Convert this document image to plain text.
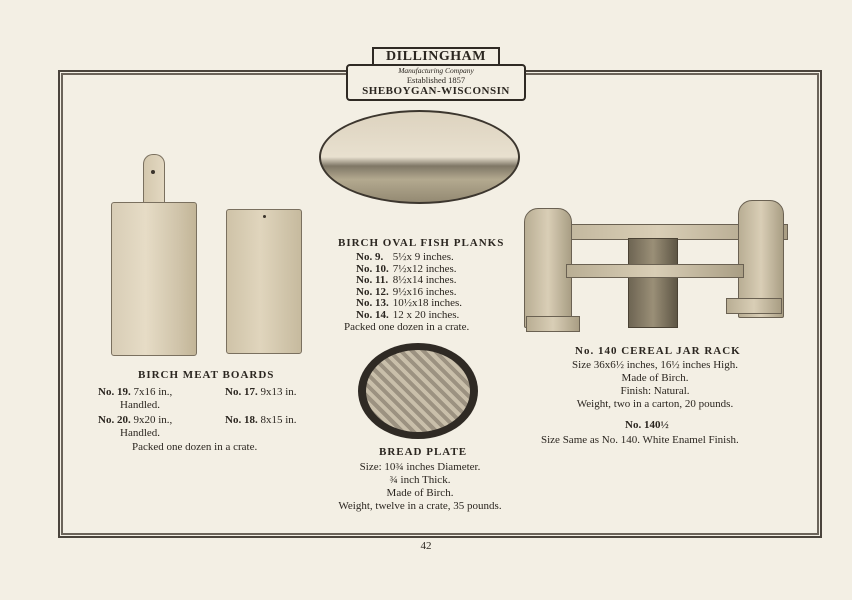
DILLINGHAM
Manufacturing Company
Established 1857
SHEBOYGAN-WISCONSIN
BIRCH MEAT BOARDS
No. 19. 7x16 in.,
Handled.
No. 17. 9x13 in.
No. 20. 9x20 in.,
Handled.
No. 18. 8x15 in.
Packed one dozen in a crate.
BIRCH OVAL FISH PLANKS
No. 9.	5½x 9 inches.
No. 10.	7½x12 inches.
No. 11.	8½x14 inches.
No. 12.	9½x16 inches.
No. 13.	10½x18 inches.
No. 14.	12 x 20 inches.
Packed one dozen in a crate.
BREAD PLATE
Size: 10¾ inches Diameter.
¾ inch Thick.
Made of Birch.
Weight, twelve in a crate, 35 pounds.
No. 140 CEREAL JAR RACK
Size 36x6½ inches, 16½ inches High.
Made of Birch.
Finish: Natural.
Weight, two in a carton, 20 pounds.
No. 140½
Size Same as No. 140. White Enamel Finish.
42
